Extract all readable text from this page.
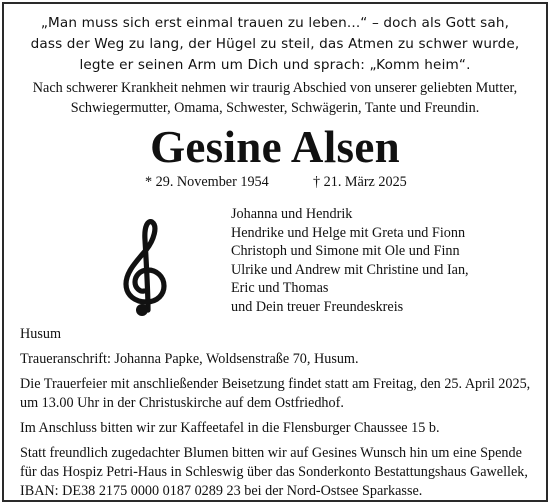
„Man muss sich erst einmal trauen zu leben...“ – doch als Gott sah,
dass der Weg zu lang, der Hügel zu steil, das Atmen zu schwer wurde,
legte er seinen Arm um Dich und sprach: „Komm heim“.
Nach schwerer Krankheit nehmen wir traurig Abschied von unserer geliebten Mutter,
Schwiegermutter, Omama, Schwester, Schwägerin, Tante und Freundin.
Gesine Alsen
* 29. November 1954	† 21. März 2025
Johanna und Hendrik
Hendrike und Helge mit Greta und Fionn
Christoph und Simone mit Ole und Finn
Ulrike und Andrew mit Christine und Ian,
Eric und Thomas
und Dein treuer Freundeskreis
Husum
Traueranschrift: Johanna Papke, Woldsenstraße 70, Husum.
Die Trauerfeier mit anschließender Beisetzung findet statt am Freitag, den 25. April 2025,
um 13.00 Uhr in der Christuskirche auf dem Ostfriedhof.
Im Anschluss bitten wir zur Kaffeetafel in die Flensburger Chaussee 15 b.
Statt freundlich zugedachter Blumen bitten wir auf Gesines Wunsch hin um eine Spende
für das Hospiz Petri-Haus in Schleswig über das Sonderkonto Bestattungshaus Gawellek,
IBAN: DE38 2175 0000 0187 0289 23 bei der Nord-Ostsee Sparkasse.
